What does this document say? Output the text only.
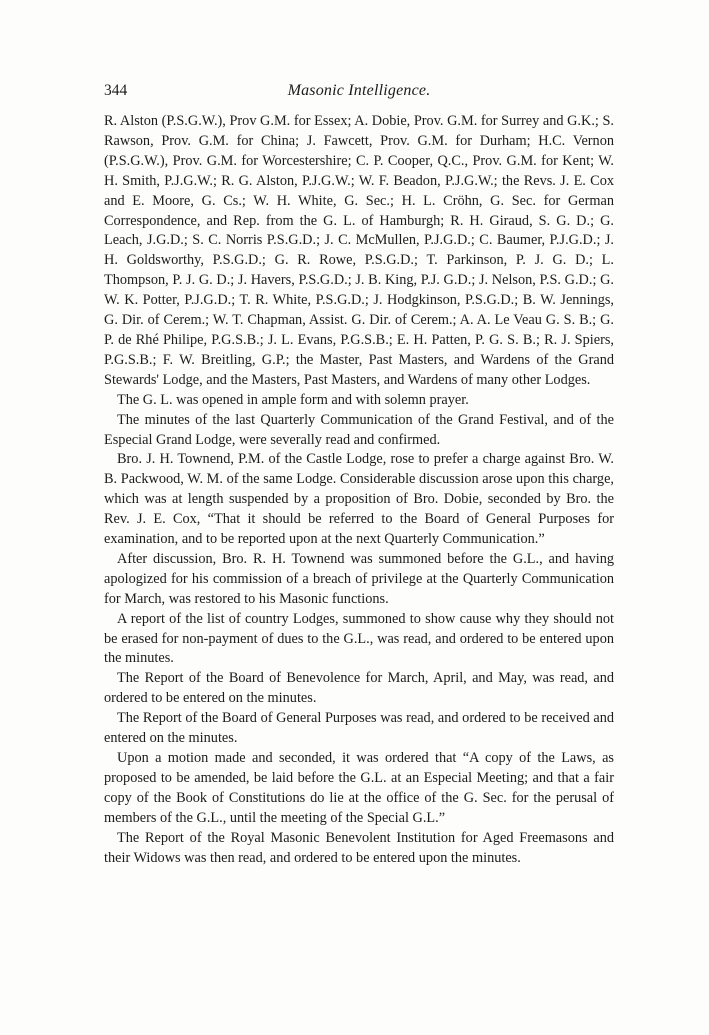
344	Masonic Intelligence.

R. Alston (P.S.G.W.), Prov G.M. for Essex; A. Dobie, Prov. G.M. for Surrey and G.K.; S. Rawson, Prov. G.M. for China; J. Fawcett, Prov. G.M. for Durham; H.C. Vernon (P.S.G.W.), Prov. G.M. for Worcestershire; C. P. Cooper, Q.C., Prov. G.M. for Kent; W. H. Smith, P.J.G.W.; R. G. Alston, P.J.G.W.; W. F. Beadon, P.J.G.W.; the Revs. J. E. Cox and E. Moore, G. Cs.; W. H. White, G. Sec.; H. L. Cröhn, G. Sec. for German Correspondence, and Rep. from the G. L. of Hamburgh; R. H. Giraud, S. G. D.; G. Leach, J.G.D.; S. C. Norris P.S.G.D.; J. C. McMullen, P.J.G.D.; C. Baumer, P.J.G.D.; J. H. Goldsworthy, P.S.G.D.; G. R. Rowe, P.S.G.D.; T. Parkinson, P. J. G. D.; L. Thompson, P. J. G. D.; J. Havers, P.S.G.D.; J. B. King, P.J. G.D.; J. Nelson, P.S. G.D.; G. W. K. Potter, P.J.G.D.; T. R. White, P.S.G.D.; J. Hodgkinson, P.S.G.D.; B. W. Jennings, G. Dir. of Cerem.; W. T. Chapman, Assist. G. Dir. of Cerem.; A. A. Le Veau G. S. B.; G. P. de Rhé Philipe, P.G.S.B.; J. L. Evans, P.G.S.B.; E. H. Patten, P. G. S. B.; R. J. Spiers, P.G.S.B.; F. W. Breitling, G.P.; the Master, Past Masters, and Wardens of the Grand Stewards' Lodge, and the Masters, Past Masters, and Wardens of many other Lodges.

The G. L. was opened in ample form and with solemn prayer.

The minutes of the last Quarterly Communication of the Grand Festival, and of the Especial Grand Lodge, were severally read and confirmed.

Bro. J. H. Townend, P.M. of the Castle Lodge, rose to prefer a charge against Bro. W. B. Packwood, W. M. of the same Lodge. Considerable discussion arose upon this charge, which was at length suspended by a proposition of Bro. Dobie, seconded by Bro. the Rev. J. E. Cox, “That it should be referred to the Board of General Purposes for examination, and to be reported upon at the next Quarterly Communication.”

After discussion, Bro. R. H. Townend was summoned before the G.L., and having apologized for his commission of a breach of privilege at the Quarterly Communication for March, was restored to his Masonic functions.

A report of the list of country Lodges, summoned to show cause why they should not be erased for non-payment of dues to the G.L., was read, and ordered to be entered upon the minutes.

The Report of the Board of Benevolence for March, April, and May, was read, and ordered to be entered on the minutes.

The Report of the Board of General Purposes was read, and ordered to be received and entered on the minutes.

Upon a motion made and seconded, it was ordered that “A copy of the Laws, as proposed to be amended, be laid before the G.L. at an Especial Meeting; and that a fair copy of the Book of Constitutions do lie at the office of the G. Sec. for the perusal of members of the G.L., until the meeting of the Special G.L.”

The Report of the Royal Masonic Benevolent Institution for Aged Freemasons and their Widows was then read, and ordered to be entered upon the minutes.
